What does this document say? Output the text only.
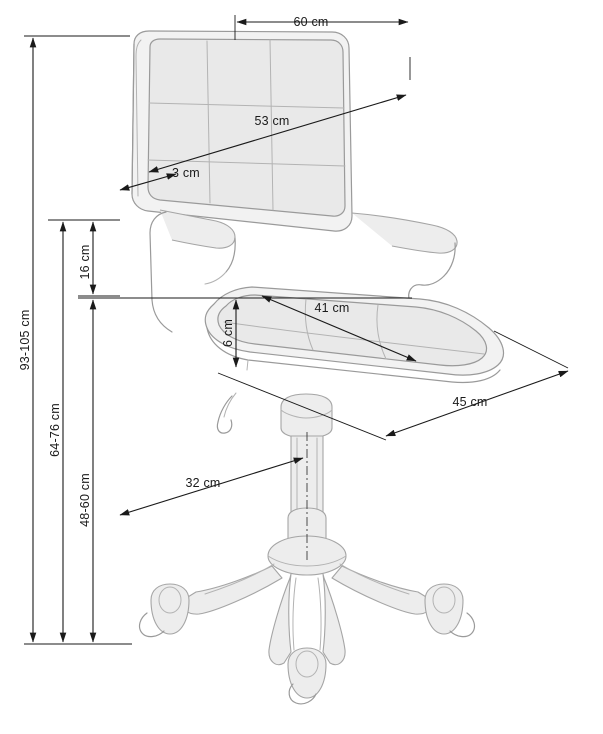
60 cm
53 cm
3 cm
16 cm
6 cm
41 cm
45 cm
32 cm
93-105 cm
64-76 cm
48-60 cm
